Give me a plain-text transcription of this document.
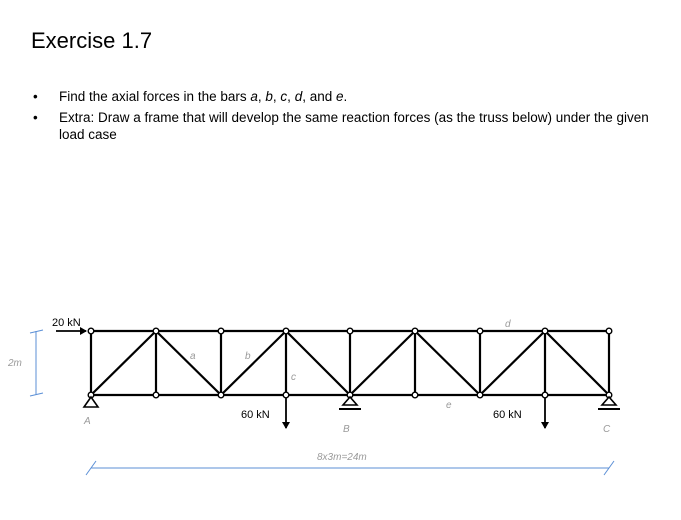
Exercise 1.7
• Find the axial forces in the bars a, b, c, d, and e.
• Extra: Draw a frame that will develop the same reaction forces (as the truss below) under the given load case
20 kN
60 kN	60 kN
a	b
c
d
e
A
B	C
2m
8x3m=24m
